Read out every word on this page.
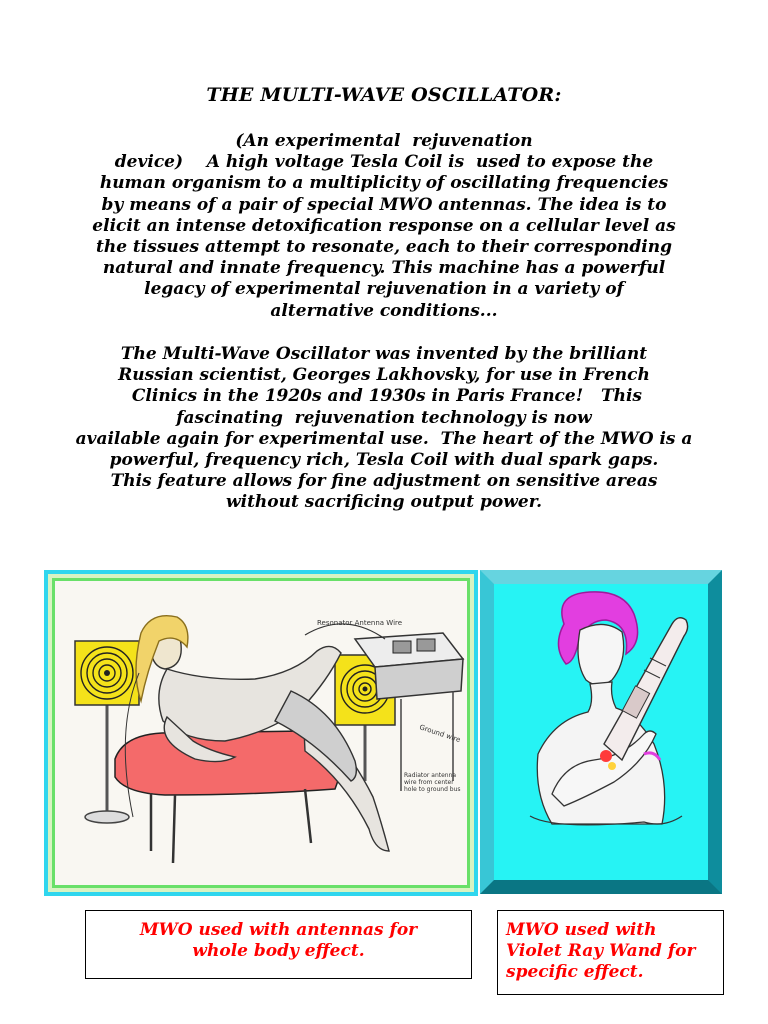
THE MULTI-WAVE OSCILLATOR:

(An experimental  rejuvenation
device)    A high voltage Tesla Coil is  used to expose the
human organism to a multiplicity of oscillating frequencies
by means of a pair of special MWO antennas. The idea is to
elicit an intense detoxification response on a cellular level as
the tissues attempt to resonate, each to their corresponding
natural and innate frequency. This machine has a powerful
legacy of experimental rejuvenation in a variety of
alternative conditions...

The Multi-Wave Oscillator was invented by the brilliant
Russian scientist, Georges Lakhovsky, for use in French
Clinics in the 1920s and 1930s in Paris France!   This
fascinating  rejuvenation technology is now
available again for experimental use.  The heart of the MWO is a
powerful, frequency rich, Tesla Coil with dual spark gaps.
This feature allows for fine adjustment on sensitive areas
without sacrificing output power.

Resonator Antenna Wire
Ground wire
MWO used with antennas for
whole body effect.
MWO used with
Violet Ray Wand for
specific effect.
Radiator antenna wire from center hole to ground bus
